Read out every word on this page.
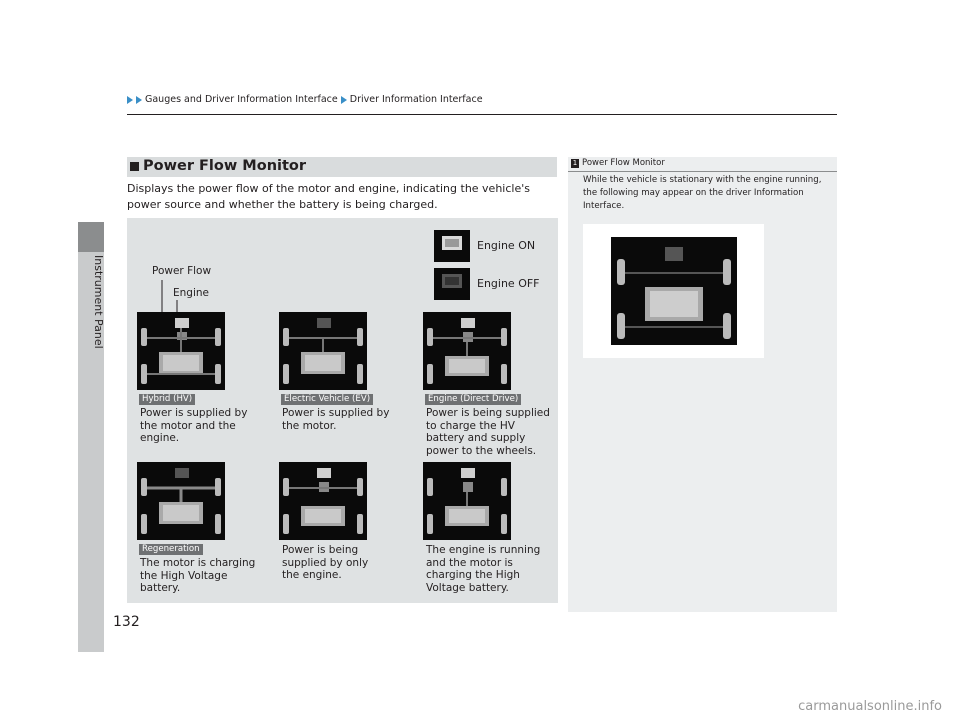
Instrument Panel
Gauges and Driver Information Interface Driver Information Interface
Power Flow Monitor
Displays the power flow of the motor and engine, indicating the vehicle's power source and whether the battery is being charged.
Engine ON
Engine OFF
Power Flow
Engine
Hybrid (HV)	Electric Vehicle (EV)	Engine (Direct Drive)
Power is supplied by the motor and the engine.
Power is supplied by the motor.
Power is being supplied to charge the HV battery and supply power to the wheels.
Regeneration
The motor is charging the High Voltage battery.
Power is being supplied by only the engine.
The engine is running and the motor is charging the High Voltage battery.
1 Power Flow Monitor
While the vehicle is stationary with the engine running, the following may appear on the driver Information Interface.
132
carmanualsonline.info
